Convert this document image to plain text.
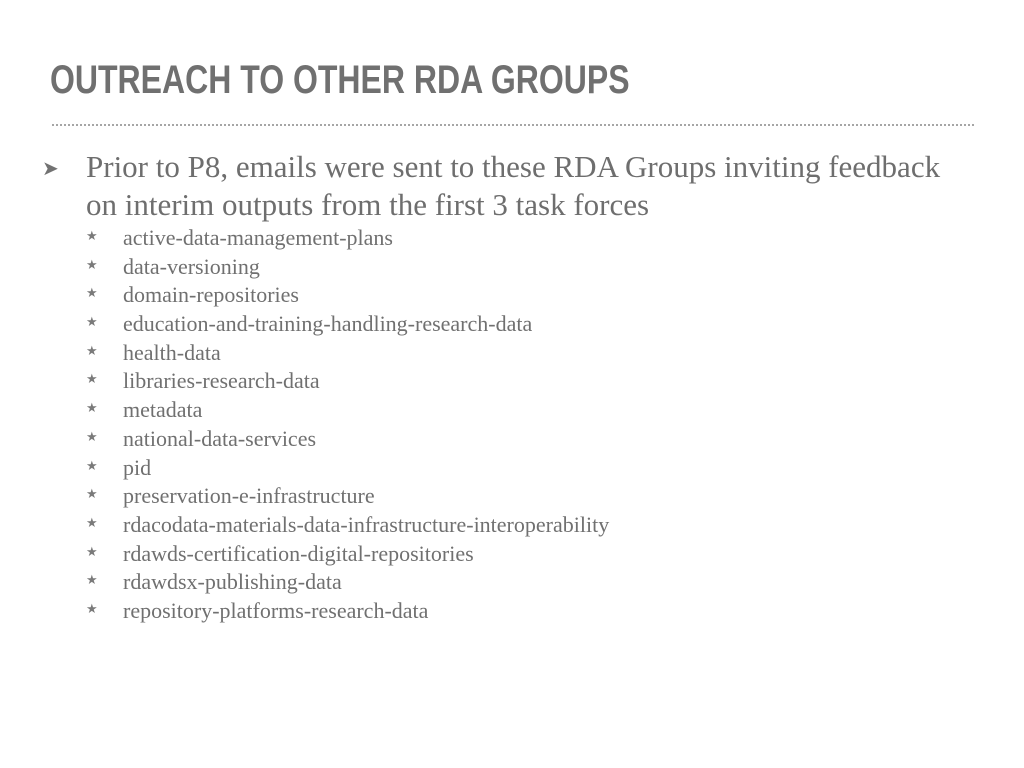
OUTREACH TO OTHER RDA GROUPS
➤ Prior to P8, emails were sent to these RDA Groups inviting feedback on interim outputs from the first 3 task forces
★ active-data-management-plans
★ data-versioning
★ domain-repositories
★ education-and-training-handling-research-data
★ health-data
★ libraries-research-data
★ metadata
★ national-data-services
★ pid
★ preservation-e-infrastructure
★ rdacodata-materials-data-infrastructure-interoperability
★ rdawds-certification-digital-repositories
★ rdawdsx-publishing-data
★ repository-platforms-research-data
